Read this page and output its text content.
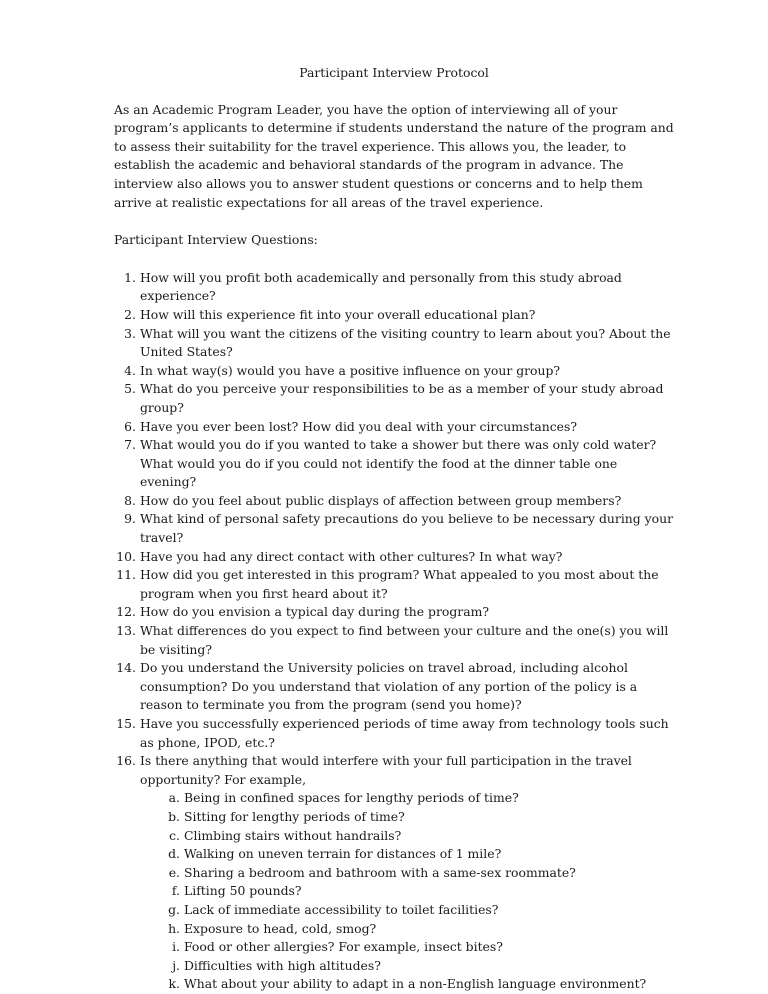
Participant Interview Protocol

As an Academic Program Leader, you have the option of interviewing all of your program’s applicants to determine if students understand the nature of the program and to assess their suitability for the travel experience. This allows you, the leader, to establish the academic and behavioral standards of the program in advance. The interview also allows you to answer student questions or concerns and to help them arrive at realistic expectations for all areas of the travel experience.

Participant Interview Questions:

1. How will you profit both academically and personally from this study abroad experience?
2. How will this experience fit into your overall educational plan?
3. What will you want the citizens of the visiting country to learn about you? About the United States?
4. In what way(s) would you have a positive influence on your group?
5. What do you perceive your responsibilities to be as a member of your study abroad group?
6. Have you ever been lost? How did you deal with your circumstances?
7. What would you do if you wanted to take a shower but there was only cold water? What would you do if you could not identify the food at the dinner table one evening?
8. How do you feel about public displays of affection between group members?
9. What kind of personal safety precautions do you believe to be necessary during your travel?
10. Have you had any direct contact with other cultures? In what way?
11. How did you get interested in this program? What appealed to you most about the program when you first heard about it?
12. How do you envision a typical day during the program?
13. What differences do you expect to find between your culture and the one(s) you will be visiting?
14. Do you understand the University policies on travel abroad, including alcohol consumption? Do you understand that violation of any portion of the policy is a reason to terminate you from the program (send you home)?
15. Have you successfully experienced periods of time away from technology tools such as phone, IPOD, etc.?
16. Is there anything that would interfere with your full participation in the travel opportunity? For example,
a. Being in confined spaces for lengthy periods of time?
b. Sitting for lengthy periods of time?
c. Climbing stairs without handrails?
d. Walking on uneven terrain for distances of 1 mile?
e. Sharing a bedroom and bathroom with a same-sex roommate?
f. Lifting 50 pounds?
g. Lack of immediate accessibility to toilet facilities?
h. Exposure to head, cold, smog?
i. Food or other allergies? For example, insect bites?
j. Difficulties with high altitudes?
k. What about your ability to adapt in a non-English language environment?
